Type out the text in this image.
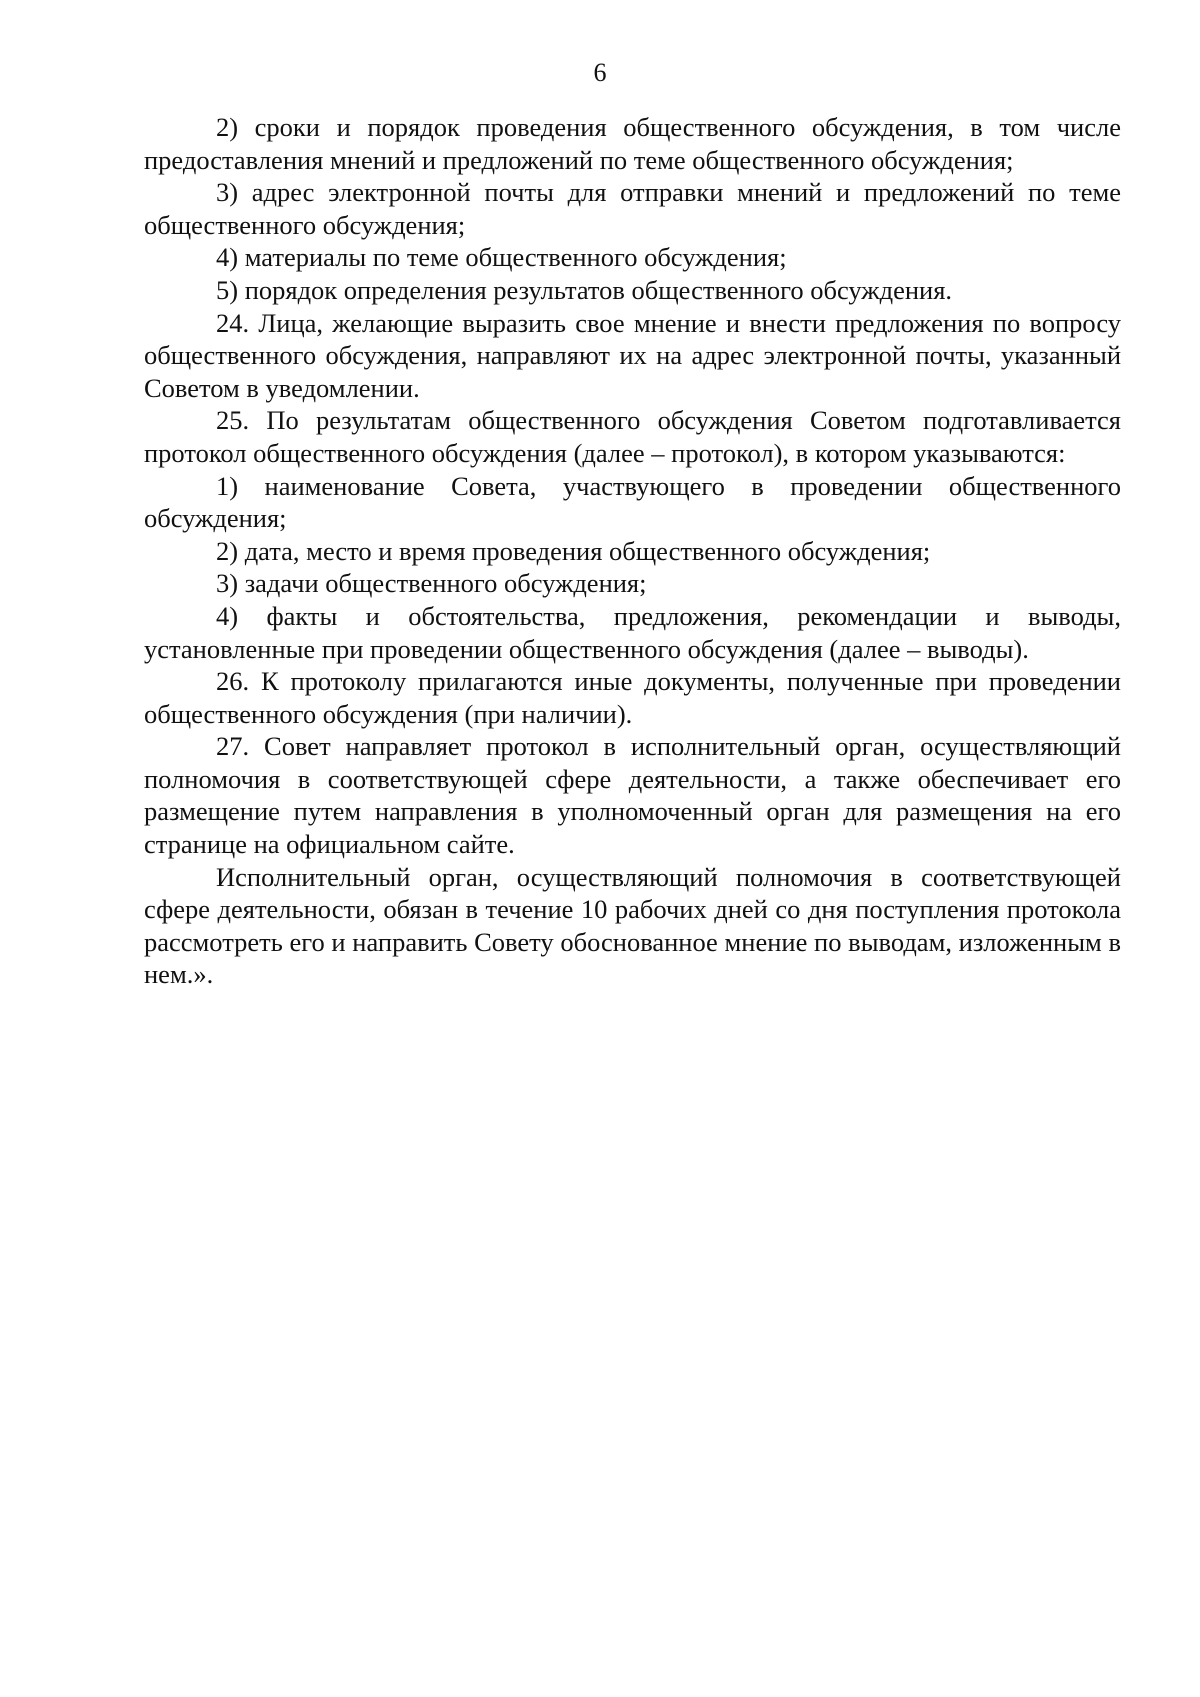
6

2) сроки и порядок проведения общественного обсуждения, в том числе предоставления мнений и предложений по теме общественного обсуждения;

3) адрес электронной почты для отправки мнений и предложений по теме общественного обсуждения;

4) материалы по теме общественного обсуждения;

5) порядок определения результатов общественного обсуждения.

24. Лица, желающие выразить свое мнение и внести предложения по вопросу общественного обсуждения, направляют их на адрес электронной почты, указанный Советом в уведомлении.

25. По результатам общественного обсуждения Советом подготавливается протокол общественного обсуждения (далее – протокол), в котором указываются:

1) наименование Совета, участвующего в проведении общественного обсуждения;

2) дата, место и время проведения общественного обсуждения;

3) задачи общественного обсуждения;

4) факты и обстоятельства, предложения, рекомендации и выводы, установленные при проведении общественного обсуждения (далее – выводы).

26. К протоколу прилагаются иные документы, полученные при проведении общественного обсуждения (при наличии).

27. Совет направляет протокол в исполнительный орган, осуществляющий полномочия в соответствующей сфере деятельности, а также обеспечивает его размещение путем направления в уполномоченный орган для размещения на его странице на официальном сайте.

Исполнительный орган, осуществляющий полномочия в соответствующей сфере деятельности, обязан в течение 10 рабочих дней со дня поступления протокола рассмотреть его и направить Совету обоснованное мнение по выводам, изложенным в нем.».
